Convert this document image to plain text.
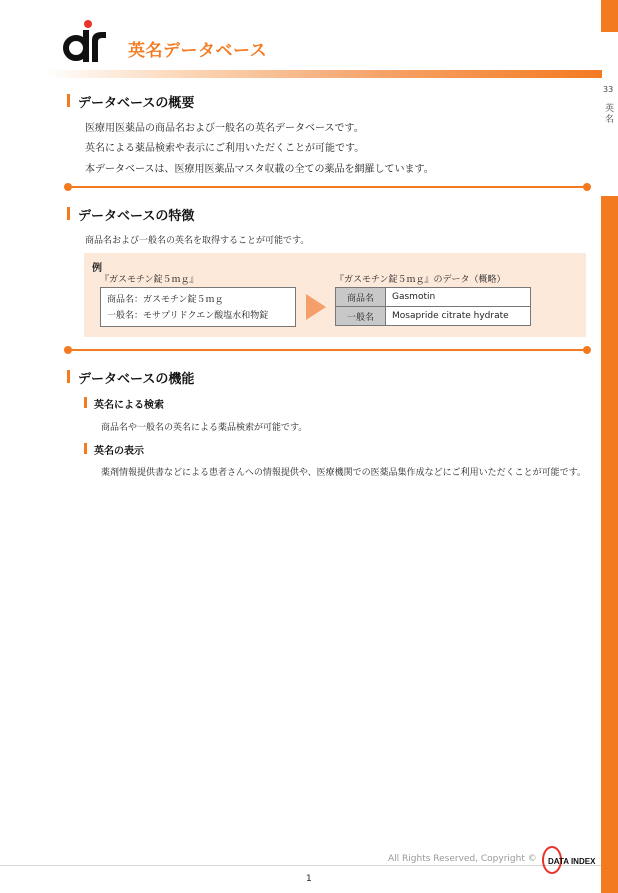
33
英名
英名データベース
データベースの概要
医療用医薬品の商品名および一般名の英名データベースです。
英名による薬品検索や表示にご利用いただくことが可能です。
本データベースは、医療用医薬品マスタ収載の全ての薬品を網羅しています。
データベースの特徴
商品名および一般名の英名を取得することが可能です。
例
『ガスモチン錠５ｍｇ』
商品名：ガスモチン錠５ｍｇ
一般名：モサプリドクエン酸塩水和物錠
『ガスモチン錠５ｍｇ』のデータ（概略）
商品名	Gasmotin
一般名	Mosapride citrate hydrate
データベースの機能
英名による検索
商品名や一般名の英名による薬品検索が可能です。
英名の表示
薬剤情報提供書などによる患者さんへの情報提供や、医療機関での医薬品集作成などにご利用いただくことが可能です。
All Rights Reserved, Copyright © DATA INDEX
1
